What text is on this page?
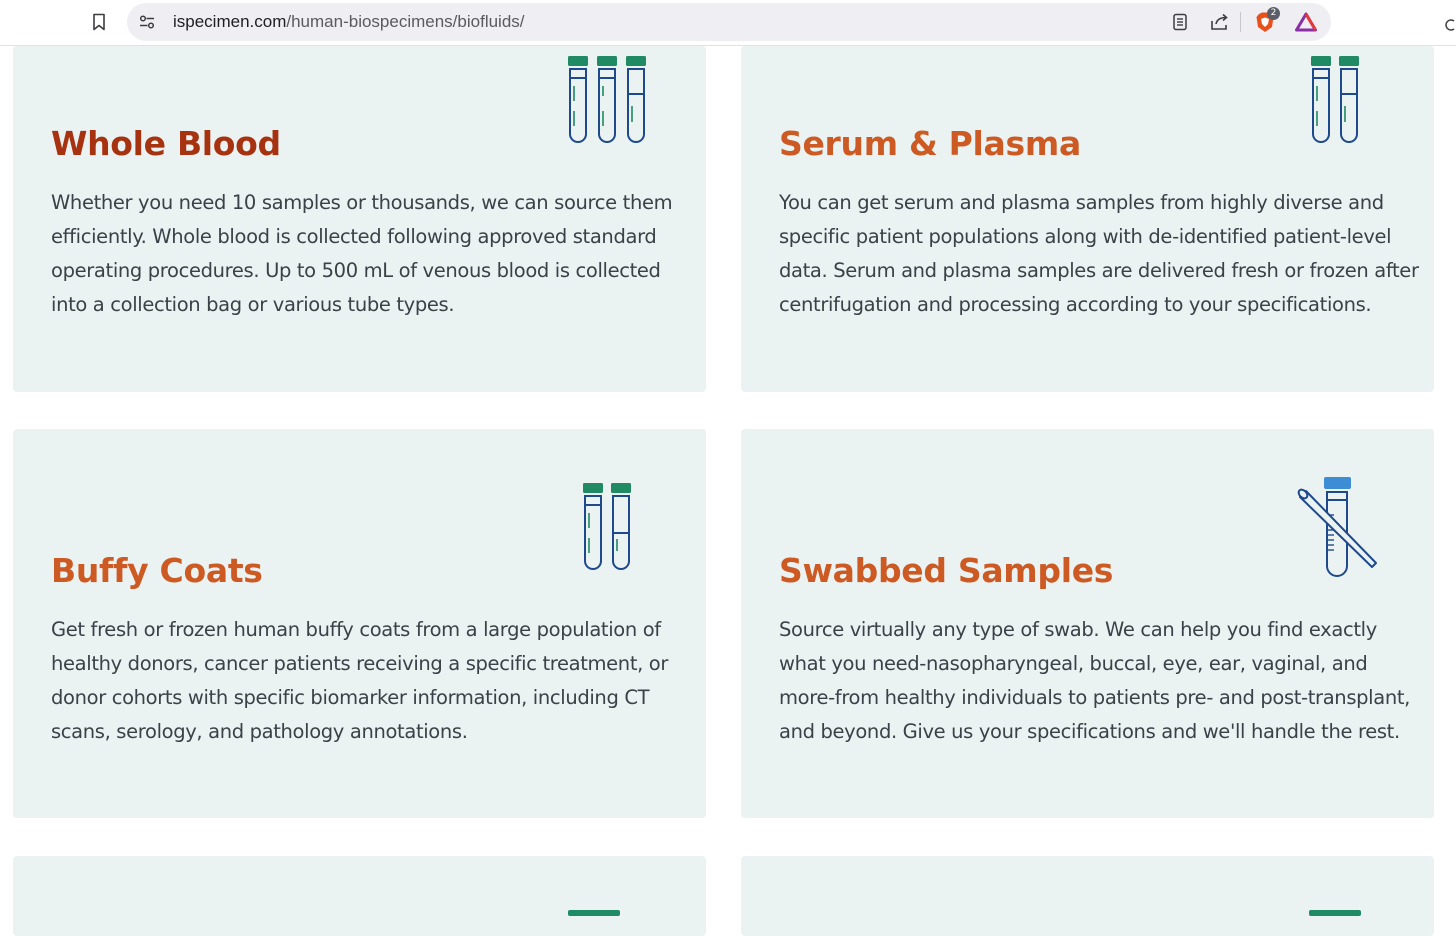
ispecimen.com/human-biospecimens/biofluids/	2
Whole Blood

Whether you need 10 samples or thousands, we can source them efficiently. Whole blood is collected following approved standard operating procedures. Up to 500 mL of venous blood is collected into a collection bag or various tube types.

Serum & Plasma

You can get serum and plasma samples from highly diverse and specific patient populations along with de-identified patient-level data. Serum and plasma samples are delivered fresh or frozen after centrifugation and processing according to your specifications.

Buffy Coats

Get fresh or frozen human buffy coats from a large population of healthy donors, cancer patients receiving a specific treatment, or donor cohorts with specific biomarker information, including CT scans, serology, and pathology annotations.

Swabbed Samples

Source virtually any type of swab. We can help you find exactly what you need-nasopharyngeal, buccal, eye, ear, vaginal, and more-from healthy individuals to patients pre- and post-transplant, and beyond. Give us your specifications and we'll handle the rest.
